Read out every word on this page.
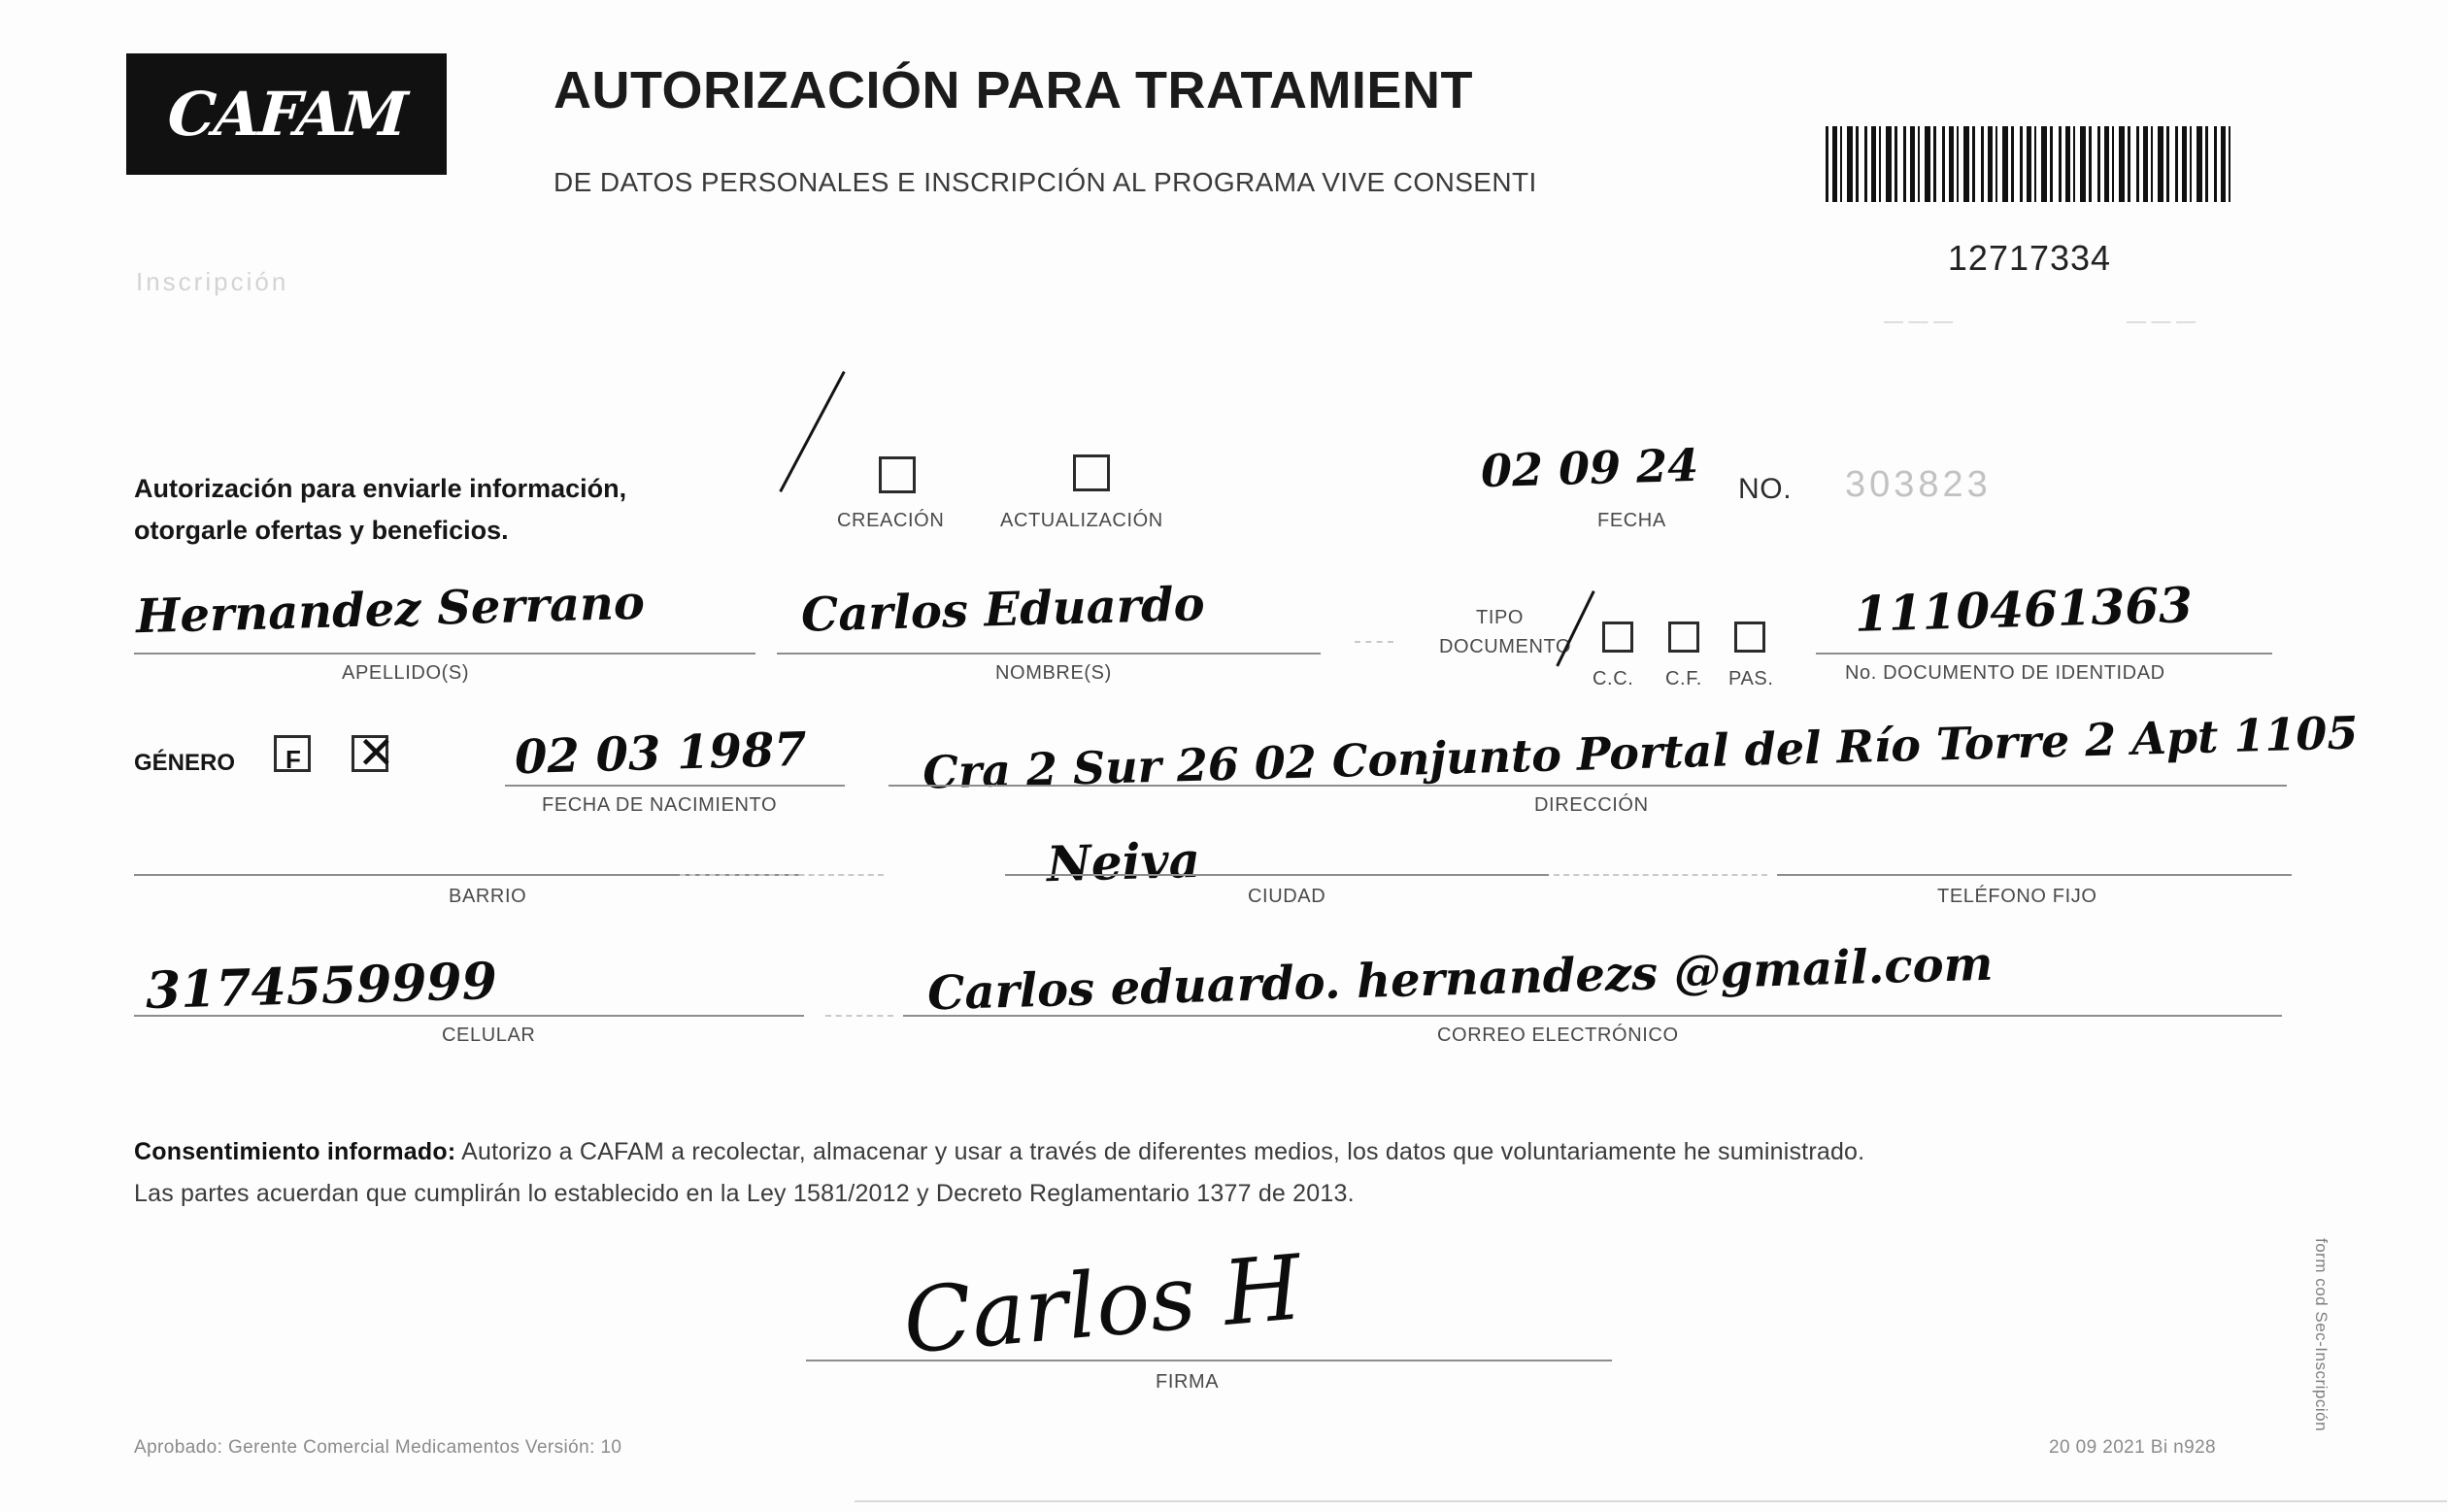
CAFAM	AUTORIZACIÓN PARA TRATAMIENT
DE DATOS PERSONALES E INSCRIPCIÓN AL PROGRAMA VIVE CONSENTI
12717334
Inscripción
— — —	— — —
Autorización para enviarle información,
otorgarle ofertas y beneficios.	CREACIÓN	ACTUALIZACIÓN
02 09 24
FECHA
NO. 303823
Hernandez Serrano
APELLIDO(S)
Carlos Eduardo
NOMBRE(S)
TIPO
DOCUMENTO
C.C. C.F. PAS.
1110461363
No. DOCUMENTO DE IDENTIDAD
GÉNERO F ✕	02 03 1987
FECHA DE NACIMIENTO
Cra 2 Sur 26 02 Conjunto Portal del Río Torre 2 Apt 1105
DIRECCIÓN
BARRIO
Neiva
CIUDAD	TELÉFONO FIJO
3174559999
CELULAR
Carlos eduardo. hernandezs @gmail.com
CORREO ELECTRÓNICO
Consentimiento informado: Autorizo a CAFAM a recolectar, almacenar y usar a través de diferentes medios, los datos que voluntariamente he suministrado.
Las partes acuerdan que cumplirán lo establecido en la Ley 1581/2012 y Decreto Reglamentario 1377 de 2013.
Carlos H
FIRMA
Aprobado: Gerente Comercial Medicamentos Versión: 10	20 09 2021 Bi n928
form cod Sec-Inscripción
